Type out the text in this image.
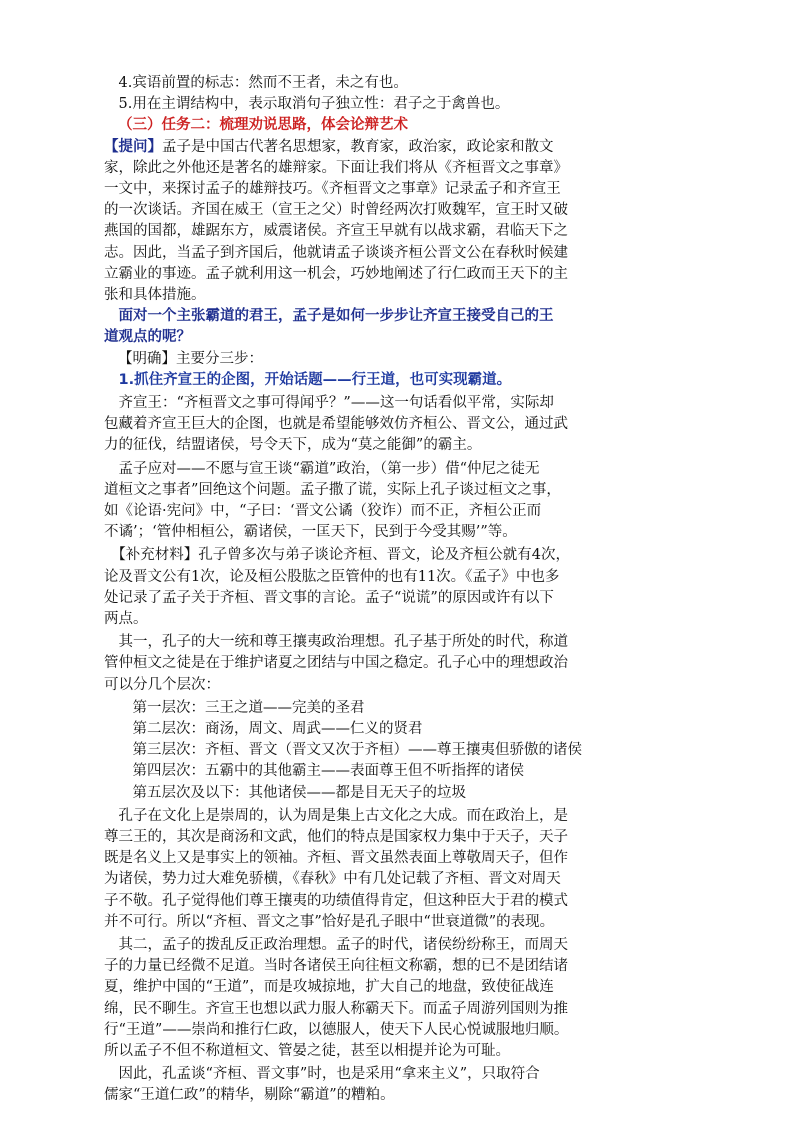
　4.宾语前置的标志：然而不王者，未之有也。
　5.用在主谓结构中，表示取消句子独立性：君子之于禽兽也。
（三）任务二：梳理劝说思路，体会论辩艺术
【提问】孟子是中国古代著名思想家，教育家，政治家，政论家和散文
家，除此之外他还是著名的雄辩家。下面让我们将从《齐桓晋文之事章》
一文中，来探讨孟子的雄辩技巧。《齐桓晋文之事章》记录孟子和齐宣王
的一次谈话。齐国在威王（宣王之父）时曾经两次打败魏军，宣王时又破
燕国的国都，雄踞东方，威震诸侯。齐宣王早就有以战求霸，君临天下之
志。因此，当孟子到齐国后，他就请孟子谈谈齐桓公晋文公在春秋时候建
立霸业的事迹。孟子就利用这一机会，巧妙地阐述了行仁政而王天下的主
张和具体措施。
　面对一个主张霸道的君王，孟子是如何一步步让齐宣王接受自己的王
道观点的呢？
【明确】主要分三步：
　1.抓住齐宣王的企图，开始话题——行王道，也可实现霸道。
　齐宣王：“齐桓晋文之事可得闻乎？”——这一句话看似平常，实际却
包藏着齐宣王巨大的企图，也就是希望能够效仿齐桓公、晋文公，通过武
力的征伐，结盟诸侯，号令天下，成为“莫之能御”的霸主。
　孟子应对——不愿与宣王谈“霸道”政治，（第一步）借“仲尼之徒无
道桓文之事者”回绝这个问题。孟子撒了谎，实际上孔子谈过桓文之事，
如《论语·宪问》中，“子曰：‘晋文公谲（狡诈）而不正，齐桓公正而
不谲’；‘管仲相桓公，霸诸侯，一匡天下，民到于今受其赐’”等。
　【补充材料】孔子曾多次与弟子谈论齐桓、晋文，论及齐桓公就有4次，
论及晋文公有1次，论及桓公股肱之臣管仲的也有11次。《孟子》中也多
处记录了孟子关于齐桓、晋文事的言论。孟子“说谎”的原因或许有以下
两点。
　其一，孔子的大一统和尊王攘夷政治理想。孔子基于所处的时代，称道
管仲桓文之徒是在于维护诸夏之团结与中国之稳定。孔子心中的理想政治
可以分几个层次：
　第一层次：三王之道——完美的圣君
　第二层次：商汤，周文、周武——仁义的贤君
　第三层次：齐桓、晋文（晋文又次于齐桓）——尊王攘夷但骄傲的诸侯
　第四层次：五霸中的其他霸主——表面尊王但不听指挥的诸侯
　第五层次及以下：其他诸侯——都是目无天子的垃圾
　孔子在文化上是崇周的，认为周是集上古文化之大成。而在政治上，是
尊三王的，其次是商汤和文武，他们的特点是国家权力集中于天子，天子
既是名义上又是事实上的领袖。齐桓、晋文虽然表面上尊敬周天子，但作
为诸侯，势力过大难免骄横，《春秋》中有几处记载了齐桓、晋文对周天
子不敬。孔子觉得他们尊王攘夷的功绩值得肯定，但这种臣大于君的模式
并不可行。所以“齐桓、晋文之事”恰好是孔子眼中“世衰道微”的表现。
　其二，孟子的拨乱反正政治理想。孟子的时代，诸侯纷纷称王，而周天
子的力量已经微不足道。当时各诸侯王向往桓文称霸，想的已不是团结诸
夏，维护中国的“王道”，而是攻城掠地，扩大自己的地盘，致使征战连
绵，民不聊生。齐宣王也想以武力服人称霸天下。而孟子周游列国则为推
行“王道”——崇尚和推行仁政，以德服人，使天下人民心悦诚服地归顺。
所以孟子不但不称道桓文、管晏之徒，甚至以相提并论为可耻。
　因此，孔孟谈“齐桓、晋文事”时，也是采用“拿来主义”，只取符合
儒家“王道仁政”的精华，剔除“霸道”的糟粕。
